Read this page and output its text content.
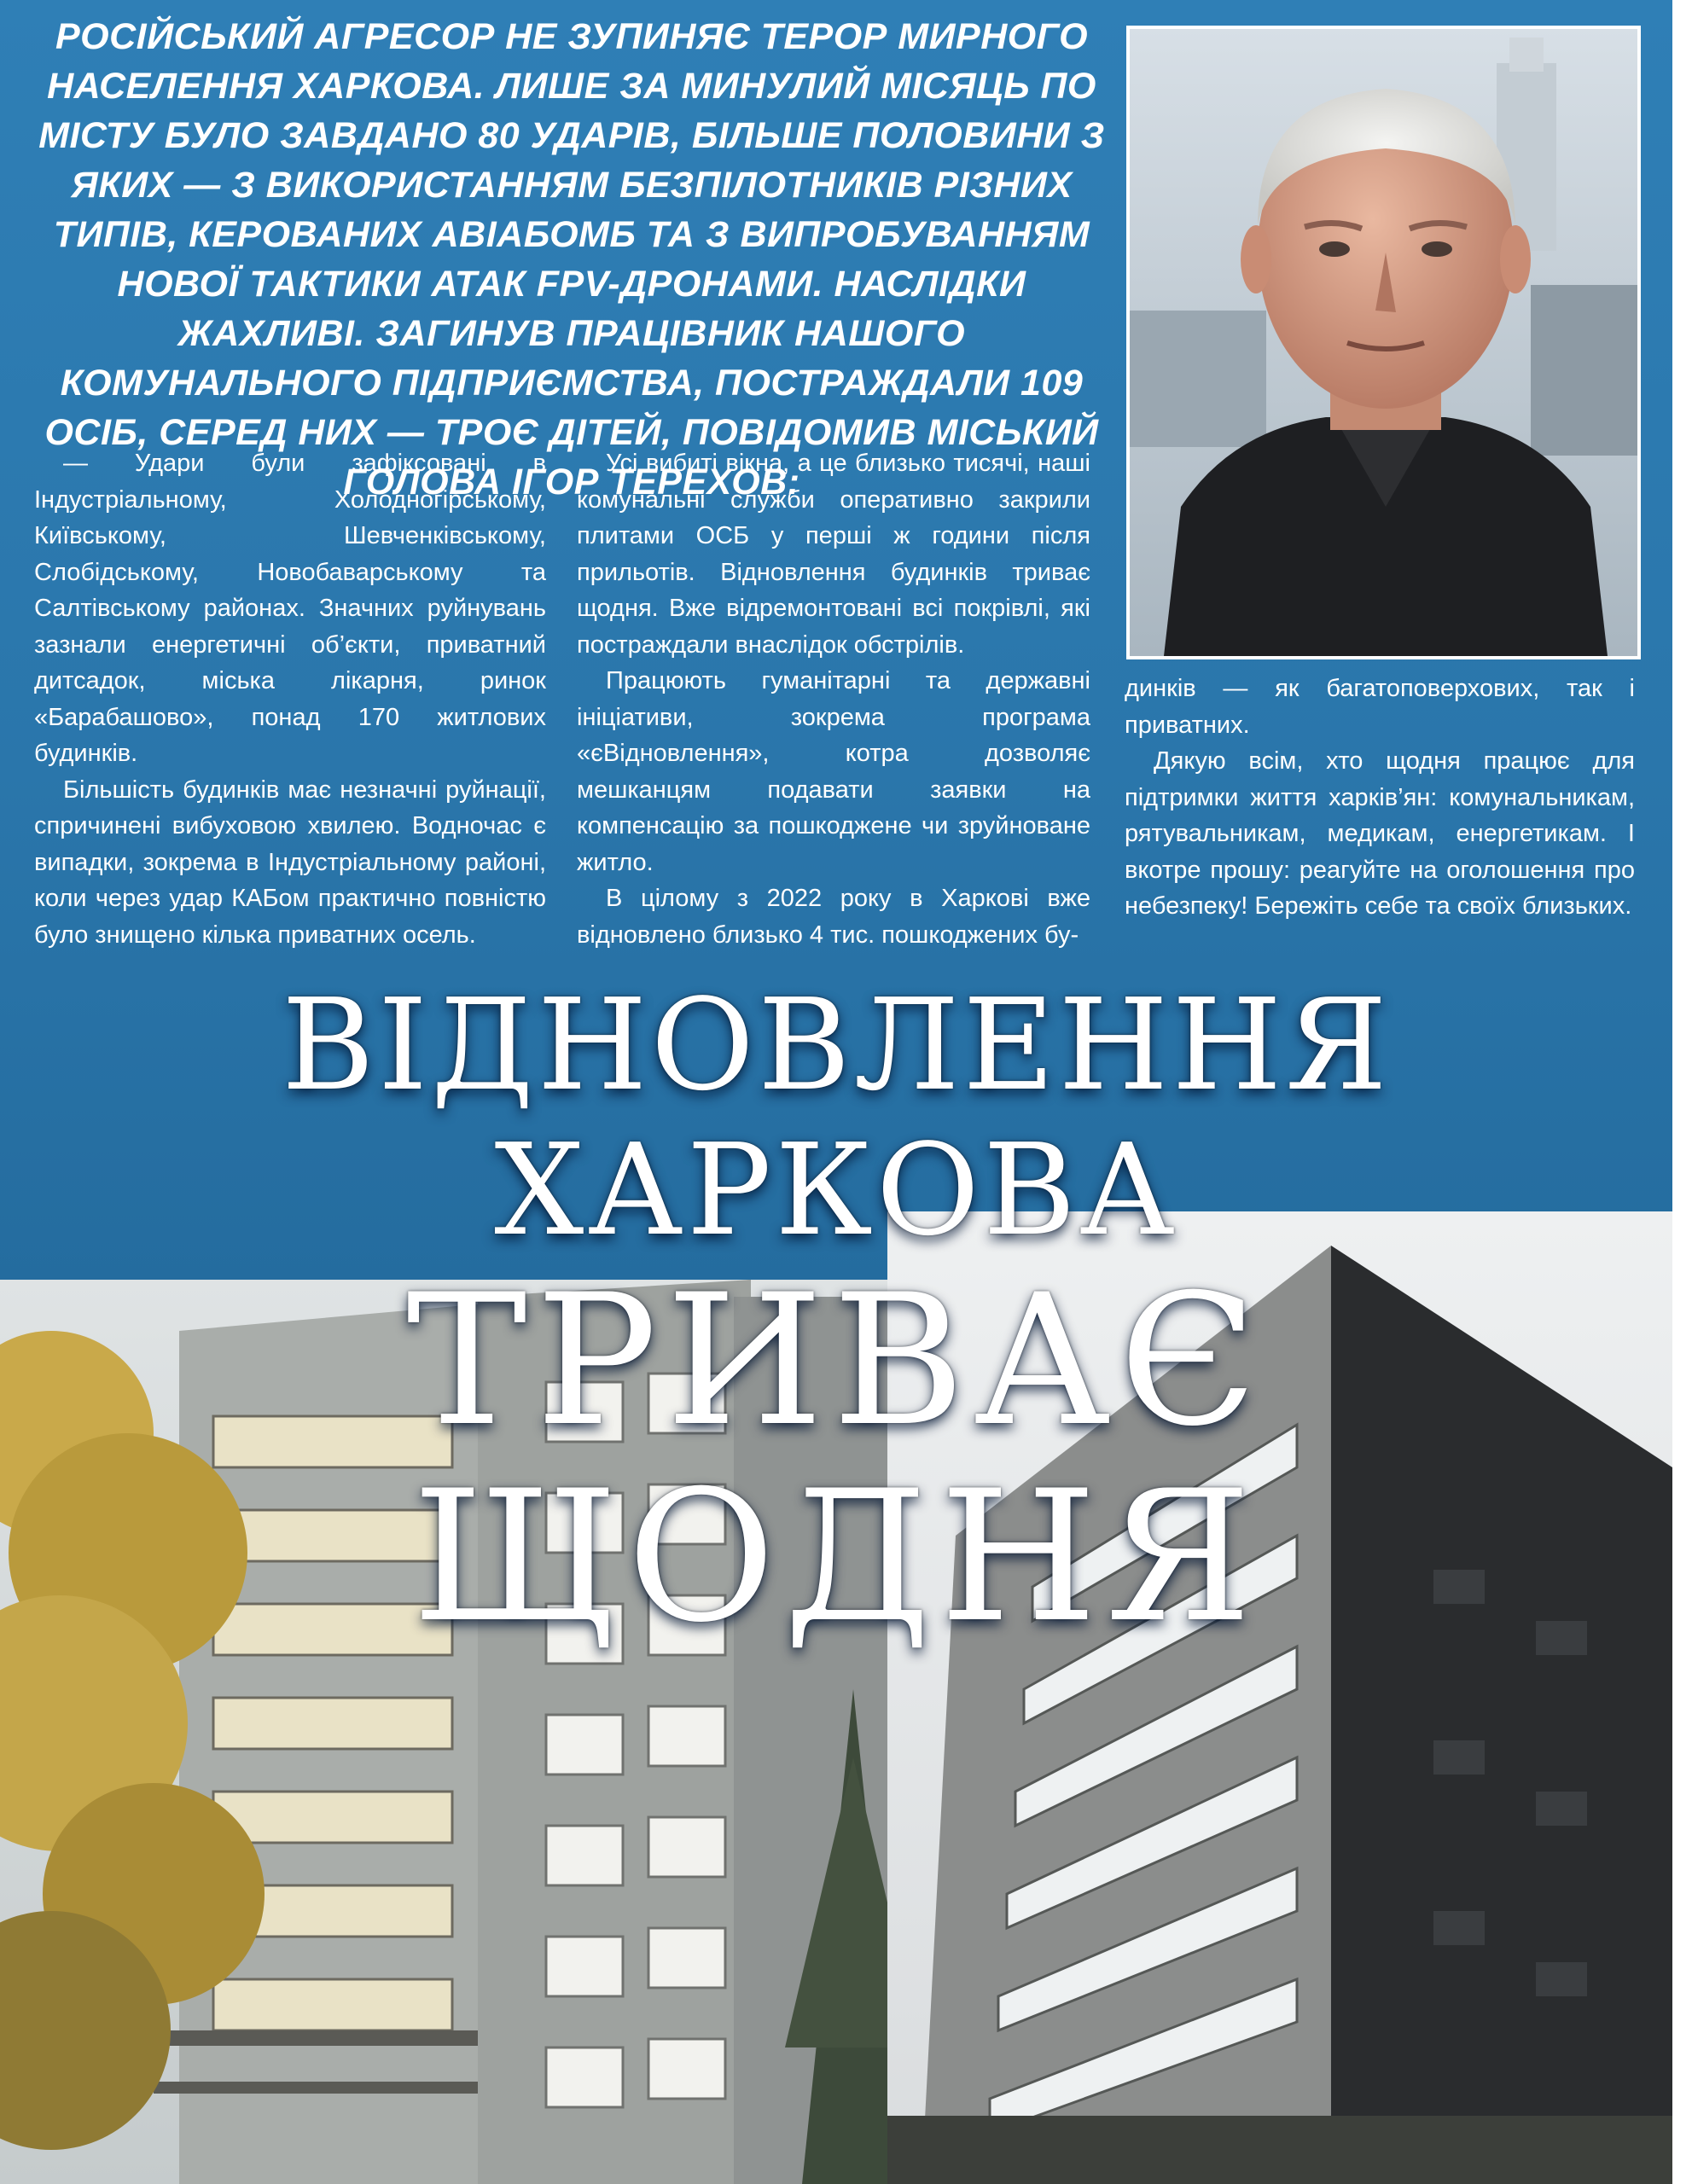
РОСІЙСЬКИЙ АГРЕСОР НЕ ЗУПИНЯЄ ТЕРОР МИРНОГО НАСЕЛЕННЯ ХАРКОВА. ЛИШЕ ЗА МИНУЛИЙ МІСЯЦЬ ПО МІСТУ БУЛО ЗАВДАНО 80 УДАРІВ, БІЛЬШЕ ПОЛОВИНИ З ЯКИХ — З ВИКОРИСТАННЯМ БЕЗПІЛОТНИКІВ РІЗНИХ ТИПІВ, КЕРОВАНИХ АВІАБОМБ ТА З ВИПРОБУВАННЯМ НОВОЇ ТАКТИКИ АТАК FPV-ДРОНАМИ. НАСЛІДКИ ЖАХЛИВІ. ЗАГИНУВ ПРАЦІВНИК НАШОГО КОМУНАЛЬНОГО ПІДПРИЄМСТВА, ПОСТРАЖДАЛИ 109 ОСІБ, СЕРЕД НИХ — ТРОЄ ДІТЕЙ, ПОВІДОМИВ МІСЬКИЙ ГОЛОВА ІГОР ТЕРЕХОВ:

— Удари були зафіксовані в Індустріальному, Холодногірському, Київському, Шевченківському, Слобідському, Новобаварському та Салтівському районах. Значних руйнувань зазнали енергетичні об’єкти, приватний дитсадок, міська лікарня, ринок «Барабашово», понад 170 житлових будинків.

Більшість будинків має незначні руйнації, спричинені вибуховою хвилею. Водночас є випадки, зокрема в Індустріальному районі, коли через удар КАБом практично повністю було знищено кілька приватних осель.

Усі вибиті вікна, а це близько тисячі, наші комунальні служби оперативно закрили плитами ОСБ у перші ж години після прильотів. Відновлення будинків триває щодня. Вже відремонтовані всі покрівлі, які постраждали внаслідок обстрілів.

Працюють гуманітарні та державні ініціативи, зокрема програма «єВідновлення», котра дозволяє мешканцям подавати заявки на компенсацію за пошкоджене чи зруйноване житло.

В цілому з 2022 року в Харкові вже відновлено близько 4 тис. пошкоджених бу-

динків — як багатоповерхових, так і приватних.

Дякую всім, хто щодня працює для підтримки життя харків’ян: комунальникам, рятувальникам, медикам, енергетикам. І вкотре прошу: реагуйте на оголошення про небезпеку! Бережіть себе та своїх близьких.

ВІДНОВЛЕННЯ ХАРКОВА
ТРИВАЄ ЩОДНЯ
